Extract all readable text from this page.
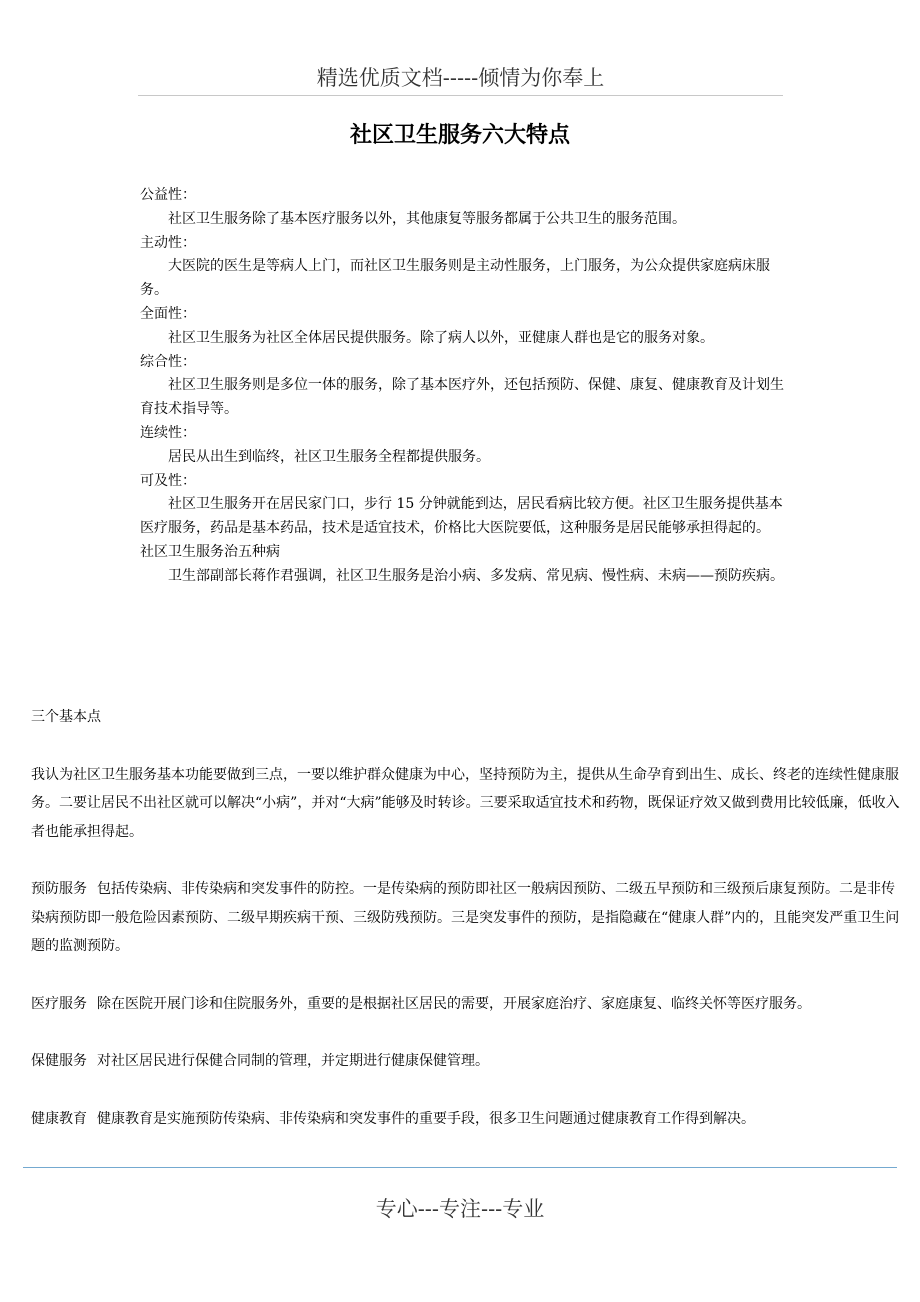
精选优质文档-----倾情为你奉上
社区卫生服务六大特点

公益性：

社区卫生服务除了基本医疗服务以外，其他康复等服务都属于公共卫生的服务范围。

主动性：

大医院的医生是等病人上门，而社区卫生服务则是主动性服务，上门服务，为公众提供家庭病床服务。

全面性：

社区卫生服务为社区全体居民提供服务。除了病人以外，亚健康人群也是它的服务对象。

综合性：

社区卫生服务则是多位一体的服务，除了基本医疗外，还包括预防、保健、康复、健康教育及计划生育技术指导等。

连续性：

居民从出生到临终，社区卫生服务全程都提供服务。

可及性：

社区卫生服务开在居民家门口，步行 15 分钟就能到达，居民看病比较方便。社区卫生服务提供基本医疗服务，药品是基本药品，技术是适宜技术，价格比大医院要低，这种服务是居民能够承担得起的。

社区卫生服务治五种病

卫生部副部长蒋作君强调，社区卫生服务是治小病、多发病、常见病、慢性病、未病——预防疾病。

三个基本点

我认为社区卫生服务基本功能要做到三点，一要以维护群众健康为中心，坚持预防为主，提供从生命孕育到出生、成长、终老的连续性健康服务。二要让居民不出社区就可以解决“小病”，并对“大病”能够及时转诊。三要采取适宜技术和药物，既保证疗效又做到费用比较低廉，低收入者也能承担得起。

预防服务 包括传染病、非传染病和突发事件的防控。一是传染病的预防即社区一般病因预防、二级五早预防和三级预后康复预防。二是非传染病预防即一般危险因素预防、二级早期疾病干预、三级防残预防。三是突发事件的预防，是指隐藏在“健康人群”内的，且能突发严重卫生问题的监测预防。

医疗服务 除在医院开展门诊和住院服务外，重要的是根据社区居民的需要，开展家庭治疗、家庭康复、临终关怀等医疗服务。

保健服务 对社区居民进行保健合同制的管理，并定期进行健康保健管理。

健康教育 健康教育是实施预防传染病、非传染病和突发事件的重要手段，很多卫生问题通过健康教育工作得到解决。

专心---专注---专业
